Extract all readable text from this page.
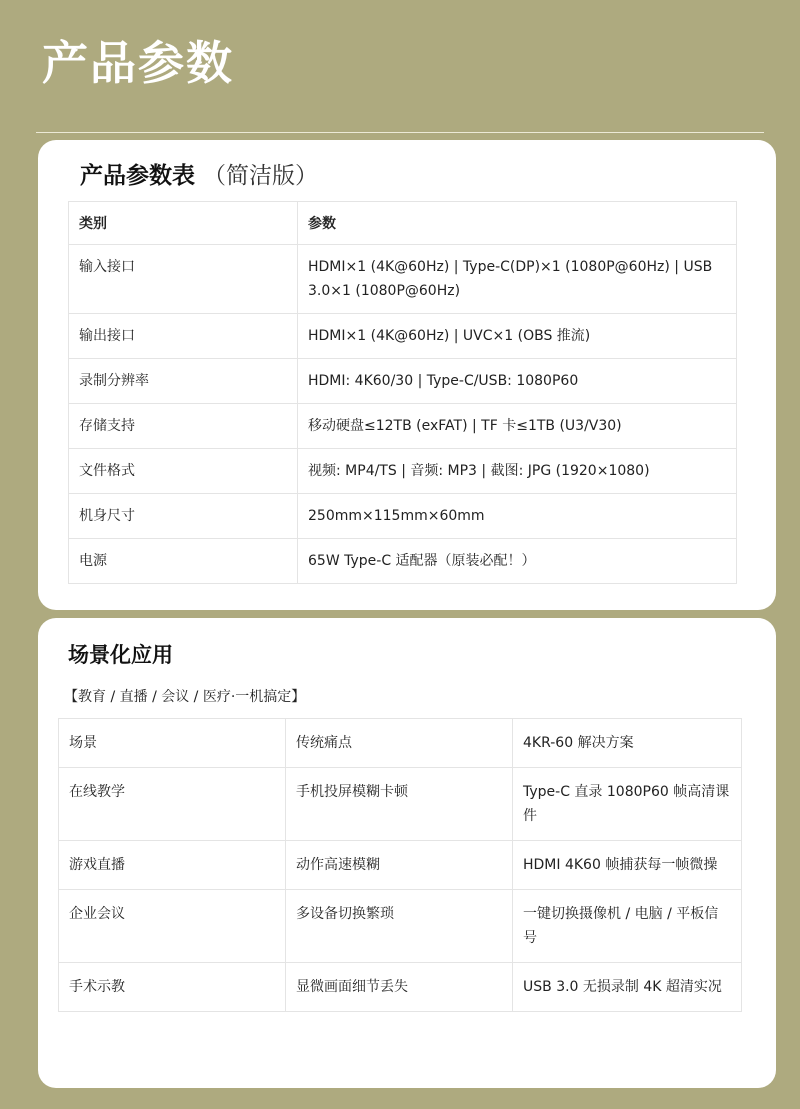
产品参数
产品参数表 （简洁版）
类别	参数
输入接口	HDMI×1 (4K@60Hz) | Type-C(DP)×1 (1080P@60Hz) | USB 3.0×1 (1080P@60Hz)
输出接口	HDMI×1 (4K@60Hz) | UVC×1 (OBS 推流)
录制分辨率	HDMI: 4K60/30 | Type-C/USB: 1080P60
存储支持	移动硬盘≤12TB (exFAT) | TF 卡≤1TB (U3/V30)
文件格式	视频: MP4/TS | 音频: MP3 | 截图: JPG (1920×1080)
机身尺寸	250mm×115mm×60mm
电源	65W Type-C 适配器（原装必配！）
场景化应用
【教育 / 直播 / 会议 / 医疗·一机搞定】
场景	传统痛点	4KR-60 解决方案
在线教学	手机投屏模糊卡顿	Type-C 直录 1080P60 帧高清课件
游戏直播	动作高速模糊	HDMI 4K60 帧捕获每一帧微操
企业会议	多设备切换繁琐	一键切换摄像机 / 电脑 / 平板信号
手术示教	显微画面细节丢失	USB 3.0 无损录制 4K 超清实况
